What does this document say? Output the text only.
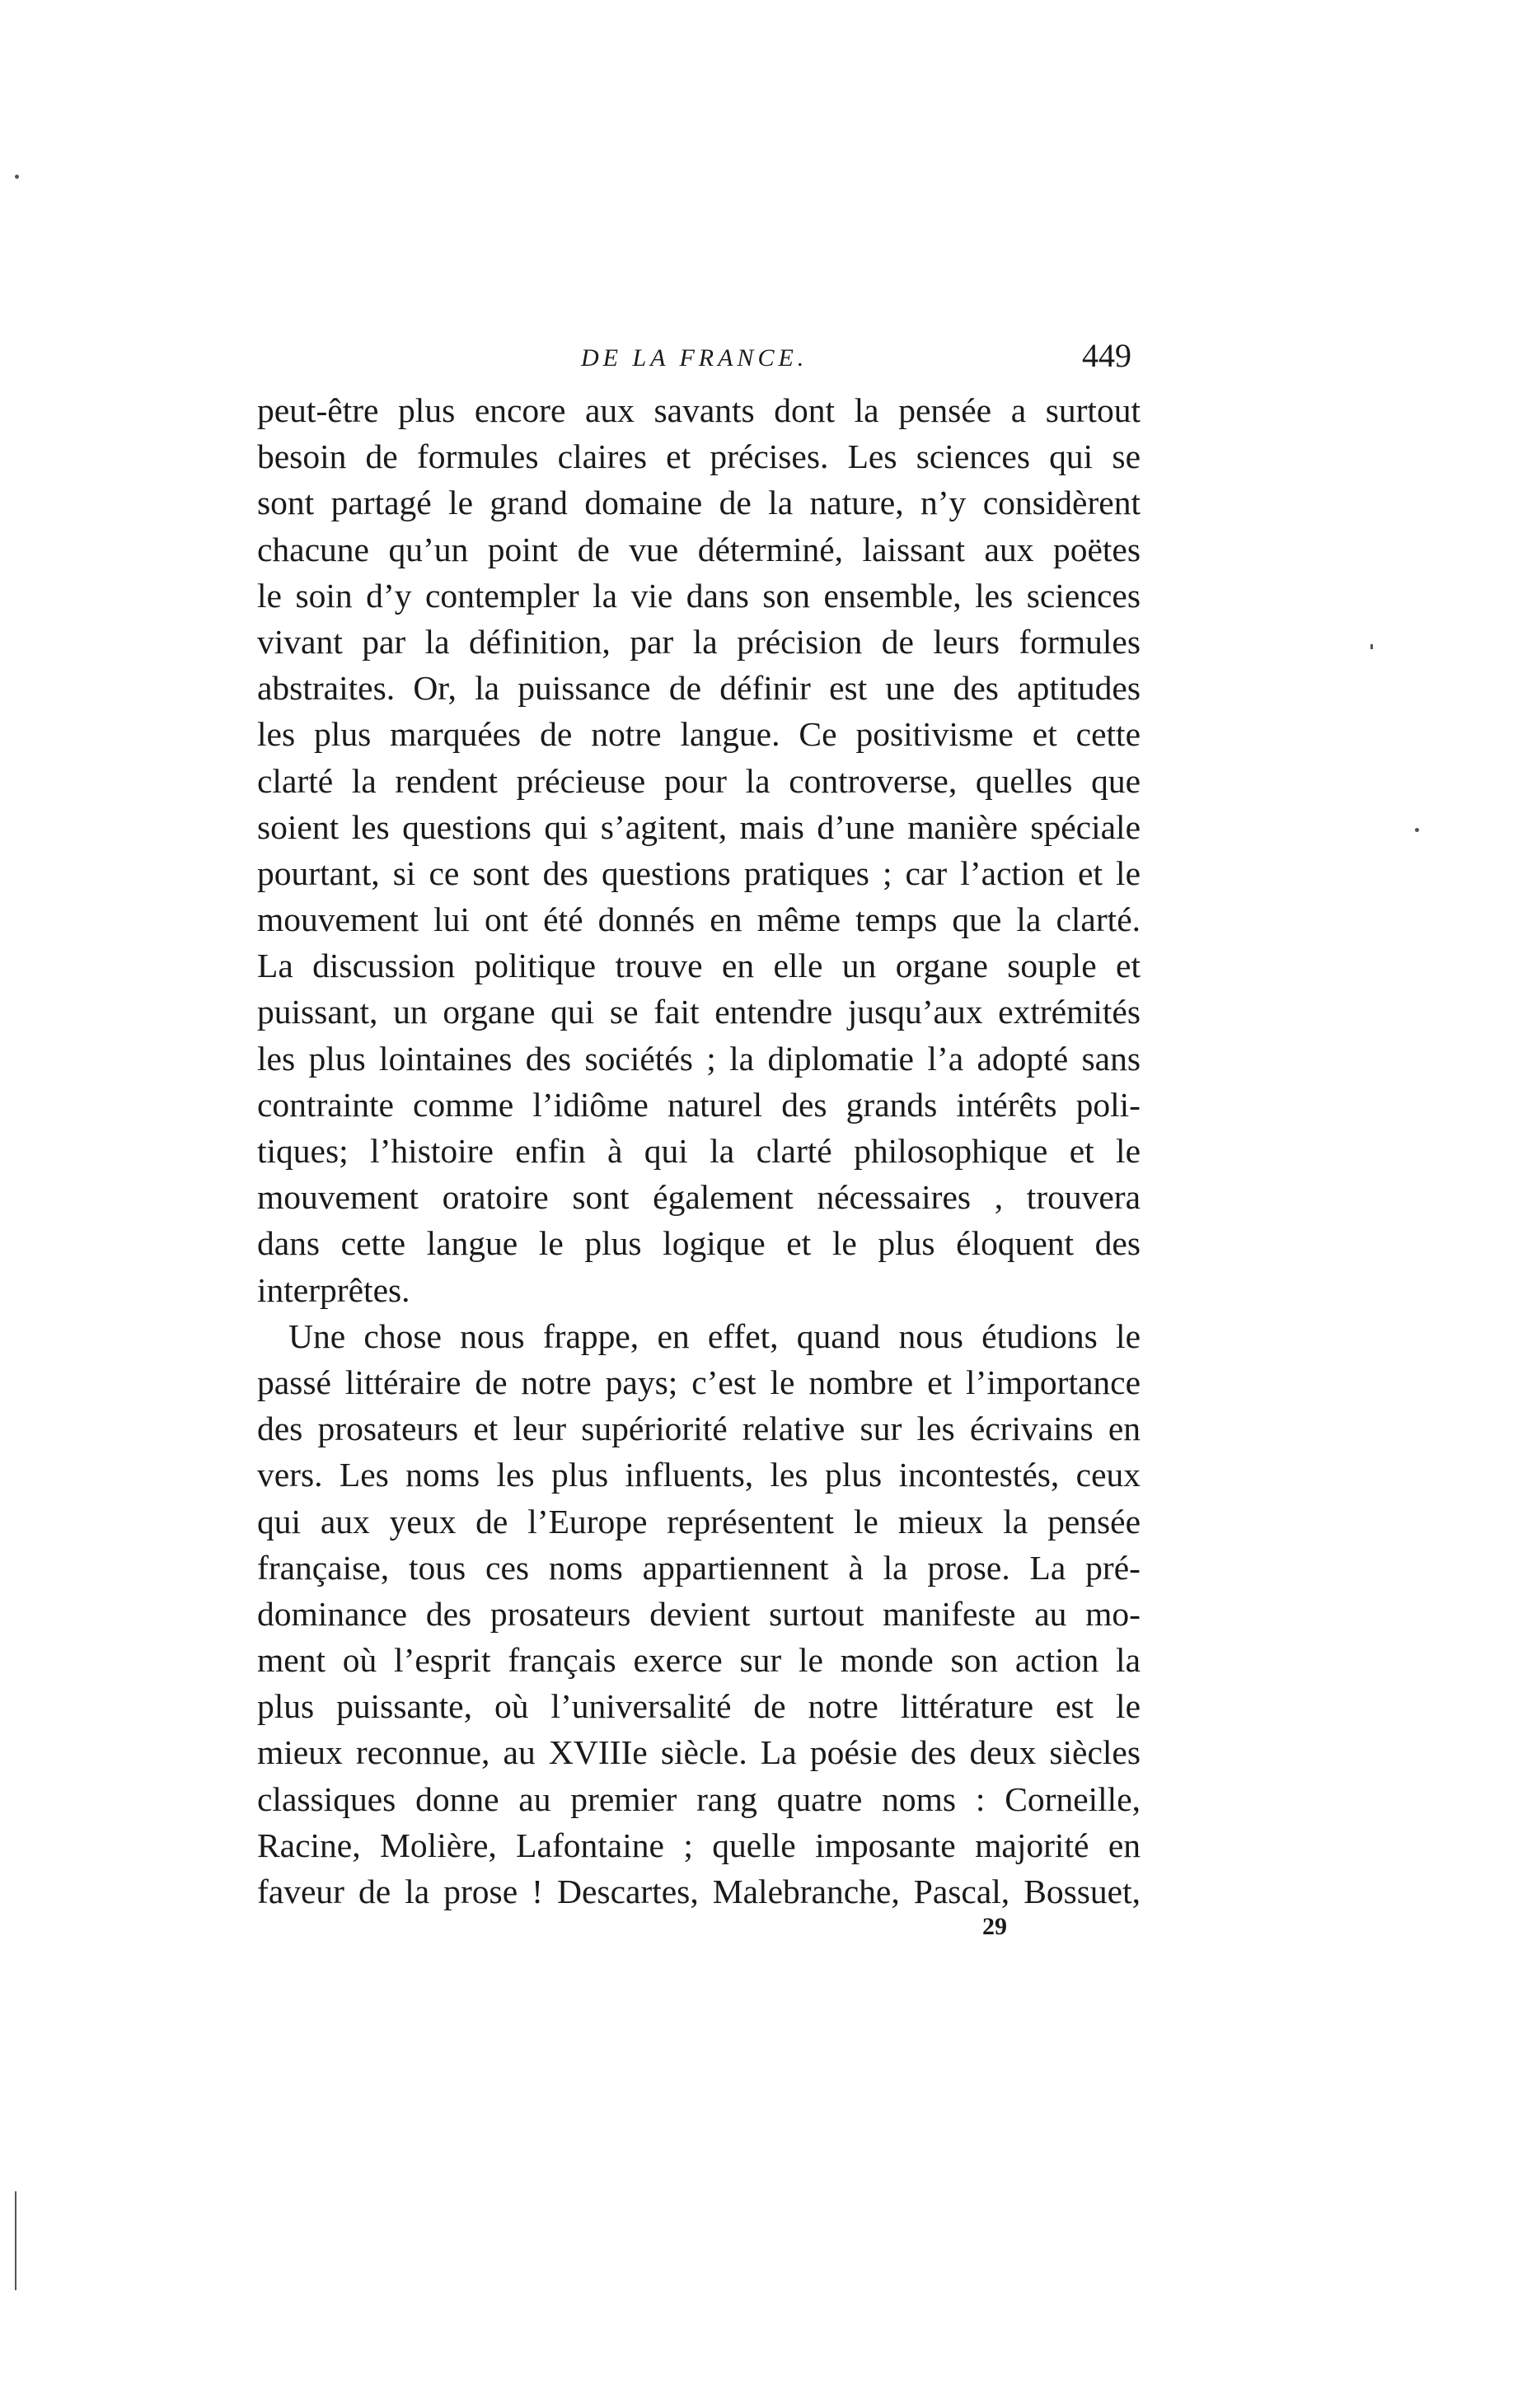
DE LA FRANCE.	449
peut-être plus encore aux savants dont la pensée a surtout
besoin de formules claires et précises. Les sciences qui se
sont partagé le grand domaine de la nature, n’y considèrent
chacune qu’un point de vue déterminé, laissant aux poëtes
le soin d’y contempler la vie dans son ensemble, les sciences
vivant par la définition, par la précision de leurs formules
abstraites. Or, la puissance de définir est une des aptitudes
les plus marquées de notre langue. Ce positivisme et cette
clarté la rendent précieuse pour la controverse, quelles que
soient les questions qui s’agitent, mais d’une manière spéciale
pourtant, si ce sont des questions pratiques ; car l’action et le
mouvement lui ont été donnés en même temps que la clarté.
La discussion politique trouve en elle un organe souple et
puissant, un organe qui se fait entendre jusqu’aux extrémités
les plus lointaines des sociétés ; la diplomatie l’a adopté sans
contrainte comme l’idiôme naturel des grands intérêts poli-
tiques; l’histoire enfin à qui la clarté philosophique et le
mouvement oratoire sont également nécessaires , trouvera
dans cette langue le plus logique et le plus éloquent des
interprêtes.
Une chose nous frappe, en effet, quand nous étudions le
passé littéraire de notre pays; c’est le nombre et l’importance
des prosateurs et leur supériorité relative sur les écrivains en
vers. Les noms les plus influents, les plus incontestés, ceux
qui aux yeux de l’Europe représentent le mieux la pensée
française, tous ces noms appartiennent à la prose. La pré-
dominance des prosateurs devient surtout manifeste au mo-
ment où l’esprit français exerce sur le monde son action la
plus puissante, où l’universalité de notre littérature est le
mieux reconnue, au XVIIIe siècle. La poésie des deux siècles
classiques donne au premier rang quatre noms : Corneille,
Racine, Molière, Lafontaine ; quelle imposante majorité en
faveur de la prose ! Descartes, Malebranche, Pascal, Bossuet,
29
